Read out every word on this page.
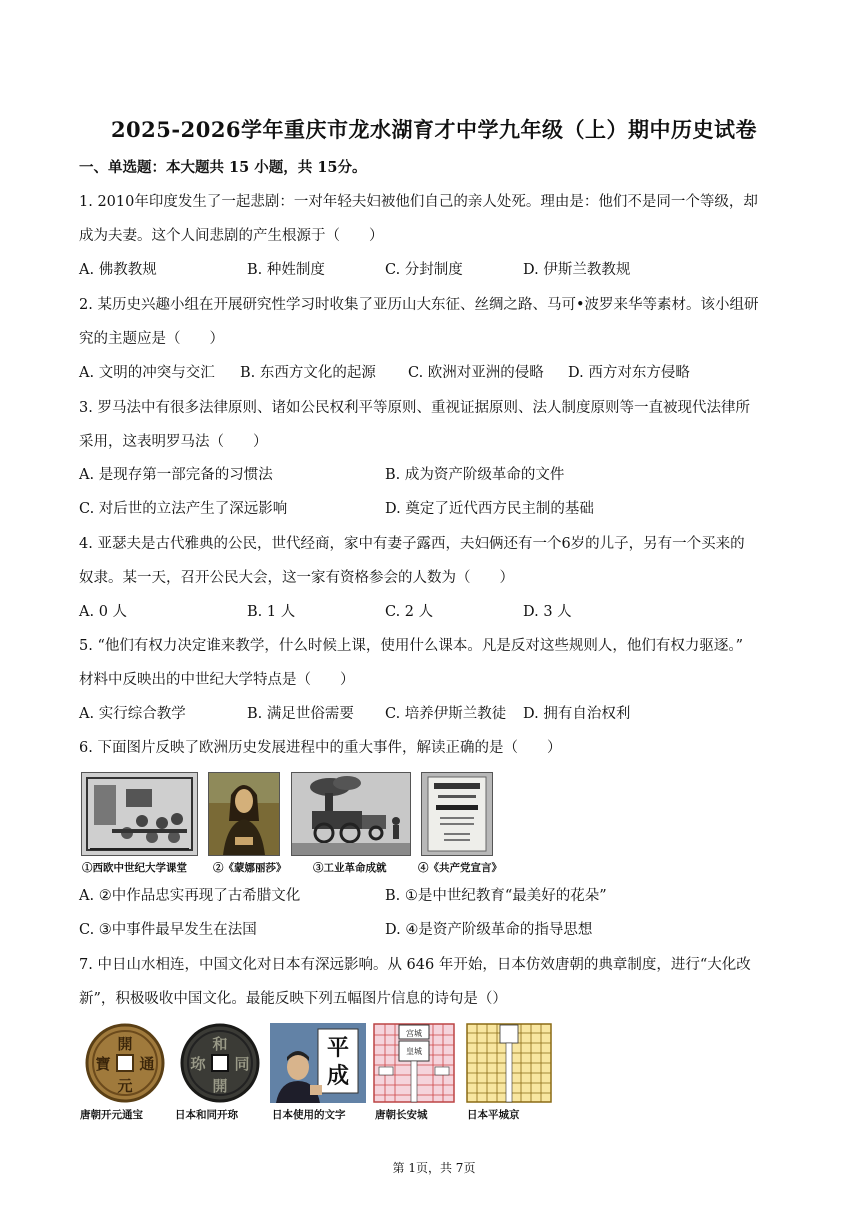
2025-2026学年重庆市龙水湖育才中学九年级（上）期中历史试卷
一、单选题：本大题共 15 小题，共 15分。
1. 2010年印度发生了一起悲剧：一对年轻夫妇被他们自己的亲人处死。理由是：他们不是同一个等级，却
成为夫妻。这个人间悲剧的产生根源于（　　）
A. 佛教教规	B. 种姓制度	C. 分封制度	D. 伊斯兰教教规
2. 某历史兴趣小组在开展研究性学习时收集了亚历山大东征、丝绸之路、马可•波罗来华等素材。该小组研
究的主题应是（　　）
A. 文明的冲突与交汇 B. 东西方文化的起源 C. 欧洲对亚洲的侵略 D. 西方对东方侵略
3. 罗马法中有很多法律原则、诸如公民权利平等原则、重视证据原则、法人制度原则等一直被现代法律所
采用，这表明罗马法（　　）
A. 是现存第一部完备的习惯法	B. 成为资产阶级革命的文件
C. 对后世的立法产生了深远影响	D. 奠定了近代西方民主制的基础
4. 亚瑟夫是古代雅典的公民，世代经商，家中有妻子露西，夫妇俩还有一个6岁的儿子，另有一个买来的
奴隶。某一天，召开公民大会，这一家有资格参会的人数为（　　）
A. 0 人	B. 1 人	C. 2 人	D. 3 人
5. “他们有权力决定谁来教学，什么时候上课，使用什么课本。凡是反对这些规则人，他们有权力驱逐。”
材料中反映出的中世纪大学特点是（　　）
A. 实行综合教学	B. 满足世俗需要 C. 培养伊斯兰教徒 D. 拥有自治权利
6. 下面图片反映了欧洲历史发展进程中的重大事件，解读正确的是（　　）
①西欧中世纪大学课堂 ②《蒙娜丽莎》	③工业革命成就	④《共产党宣言》
A. ②中作品忠实再现了古希腊文化	B. ①是中世纪教育“最美好的花朵”
C. ③中事件最早发生在法国	D. ④是资产阶级革命的指导思想
7. 中日山水相连，中国文化对日本有深远影响。从 646 年开始，日本仿效唐朝的典章制度，进行“大化改
新”，积极吸收中国文化。最能反映下列五幅图片信息的诗句是（）
開
元
通
寶
和
同
開
珎
平
成
宫城
皇城
唐朝开元通宝	日本和同开珎	日本使用的文字	唐朝长安城	日本平城京
第 1页，共 7页
